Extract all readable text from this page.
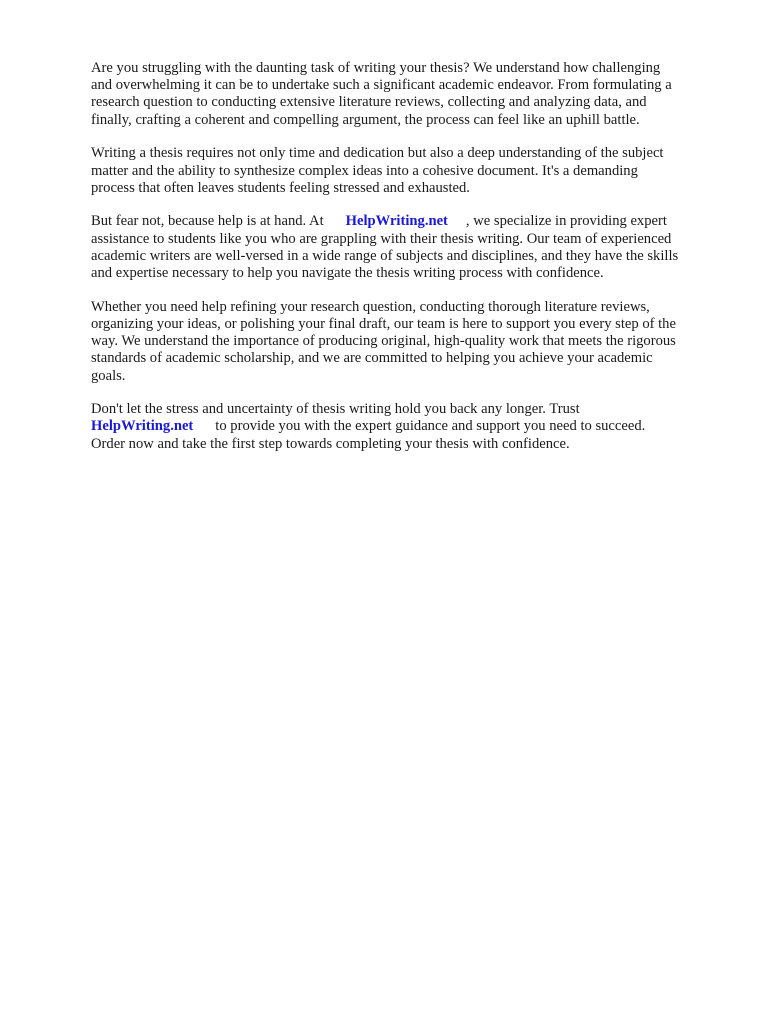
Are you struggling with the daunting task of writing your thesis? We understand how challenging
and overwhelming it can be to undertake such a significant academic endeavor. From formulating a
research question to conducting extensive literature reviews, collecting and analyzing data, and
finally, crafting a coherent and compelling argument, the process can feel like an uphill battle.

Writing a thesis requires not only time and dedication but also a deep understanding of the subject
matter and the ability to synthesize complex ideas into a cohesive document. It's a demanding
process that often leaves students feeling stressed and exhausted.

But fear not, because help is at hand. At HelpWriting.net , we specialize in providing expert
assistance to students like you who are grappling with their thesis writing. Our team of experienced
academic writers are well-versed in a wide range of subjects and disciplines, and they have the skills
and expertise necessary to help you navigate the thesis writing process with confidence.

Whether you need help refining your research question, conducting thorough literature reviews,
organizing your ideas, or polishing your final draft, our team is here to support you every step of the
way. We understand the importance of producing original, high-quality work that meets the rigorous
standards of academic scholarship, and we are committed to helping you achieve your academic
goals.

Don't let the stress and uncertainty of thesis writing hold you back any longer. Trust
HelpWriting.net to provide you with the expert guidance and support you need to succeed.
Order now and take the first step towards completing your thesis with confidence.
